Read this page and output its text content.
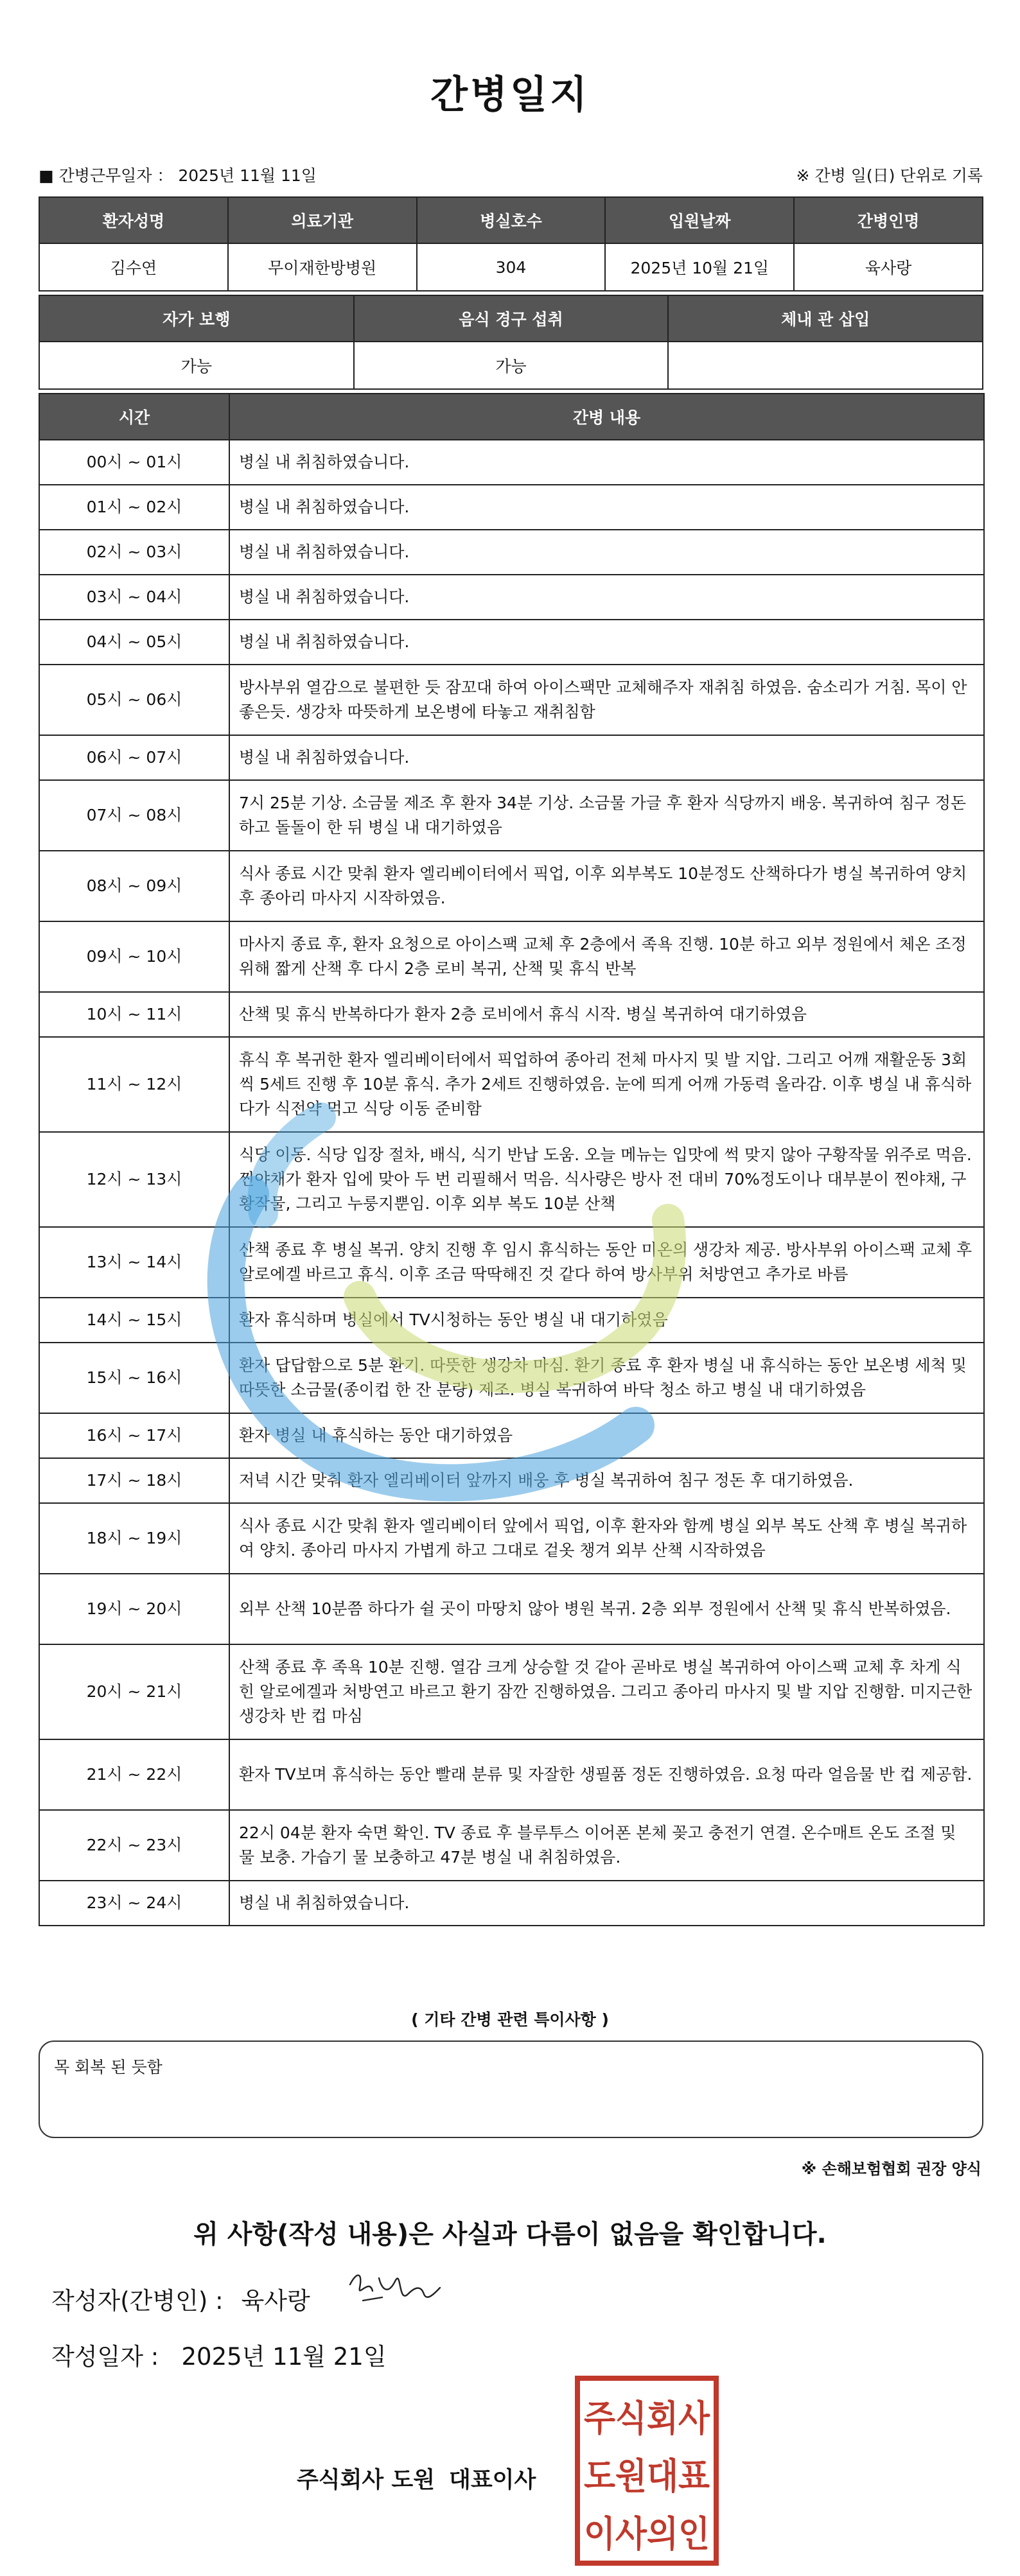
간병일지
■ 간병근무일자 ： 2025년 11월 11일	※ 간병 일(日) 단위로 기록
환자성명	의료기관	병실호수	입원날짜	간병인명
김수연	무이재한방병원	304	2025년 10월 21일	육사랑
자가 보행	음식 경구 섭취	체내 관 삽입
가능	가능	
시간	간병 내용
00시 ~ 01시	병실 내 취침하였습니다.
01시 ~ 02시	병실 내 취침하였습니다.
02시 ~ 03시	병실 내 취침하였습니다.
03시 ~ 04시	병실 내 취침하였습니다.
04시 ~ 05시	병실 내 취침하였습니다.
05시 ~ 06시	방사부위 열감으로 불편한 듯 잠꼬대 하여 아이스팩만 교체해주자 재취침 하였음. 숨소리가 거침. 목이 안좋은듯. 생강차 따뜻하게 보온병에 타놓고 재취침함
06시 ~ 07시	병실 내 취침하였습니다.
07시 ~ 08시	7시 25분 기상. 소금물 제조 후 환자 34분 기상. 소금물 가글 후 환자 식당까지 배웅. 복귀하여 침구 정돈하고 돌돌이 한 뒤 병실 내 대기하였음
08시 ~ 09시	식사 종료 시간 맞춰 환자 엘리베이터에서 픽업, 이후 외부복도 10분정도 산책하다가 병실 복귀하여 양치 후 종아리 마사지 시작하였음.
09시 ~ 10시	마사지 종료 후, 환자 요청으로 아이스팩 교체 후 2층에서 족욕 진행. 10분 하고 외부 정원에서 체온 조정 위해 짧게 산책 후 다시 2층 로비 복귀, 산책 및 휴식 반복
10시 ~ 11시	산책 및 휴식 반복하다가 환자 2층 로비에서 휴식 시작. 병실 복귀하여 대기하였음
11시 ~ 12시	휴식 후 복귀한 환자 엘리베이터에서 픽업하여 종아리 전체 마사지 및 발 지압. 그리고 어깨 재활운동 3회씩 5세트 진행 후 10분 휴식. 추가 2세트 진행하였음. 눈에 띄게 어깨 가동력 올라감. 이후 병실 내 휴식하다가 식전약 먹고 식당 이동 준비함
12시 ~ 13시	식당 이동. 식당 입장 절차, 배식, 식기 반납 도움. 오늘 메뉴는 입맛에 썩 맞지 않아 구황작물 위주로 먹음. 찐야채가 환자 입에 맞아 두 번 리필해서 먹음. 식사량은 방사 전 대비 70%정도이나 대부분이 찐야채, 구황작물, 그리고 누룽지뿐임. 이후 외부 복도 10분 산책
13시 ~ 14시	산책 종료 후 병실 복귀. 양치 진행 후 임시 휴식하는 동안 미온의 생강차 제공. 방사부위 아이스팩 교체 후 알로에겔 바르고 휴식. 이후 조금 딱딱해진 것 같다 하여 방사부위 처방연고 추가로 바름
14시 ~ 15시	환자 휴식하며 병실에서 TV시청하는 동안 병실 내 대기하였음
15시 ~ 16시	환자 답답함으로 5분 환기. 따뜻한 생강차 마심. 환기 종료 후 환자 병실 내 휴식하는 동안 보온병 세척 및 따뜻한 소금물(종이컵 한 잔 분량) 제조. 병실 복귀하여 바닥 청소 하고 병실 내 대기하였음
16시 ~ 17시	환자 병실 내 휴식하는 동안 대기하였음
17시 ~ 18시	저녁 시간 맞춰 환자 엘리베이터 앞까지 배웅 후 병실 복귀하여 침구 정돈 후 대기하였음.
18시 ~ 19시	식사 종료 시간 맞춰 환자 엘리베이터 앞에서 픽업, 이후 환자와 함께 병실 외부 복도 산책 후 병실 복귀하여 양치. 종아리 마사지 가볍게 하고 그대로 겉옷 챙겨 외부 산책 시작하였음
19시 ~ 20시	외부 산책 10분쯤 하다가 쉴 곳이 마땅치 않아 병원 복귀. 2층 외부 정원에서 산책 및 휴식 반복하였음.
20시 ~ 21시	산책 종료 후 족욕 10분 진행. 열감 크게 상승할 것 같아 곧바로 병실 복귀하여 아이스팩 교체 후 차게 식힌 알로에겔과 처방연고 바르고 환기 잠깐 진행하였음. 그리고 종아리 마사지 및 발 지압 진행함. 미지근한 생강차 반 컵 마심
21시 ~ 22시	환자 TV보며 휴식하는 동안 빨래 분류 및 자잘한 생필품 정돈 진행하였음. 요청 따라 얼음물 반 컵 제공함.
22시 ~ 23시	22시 04분 환자 숙면 확인. TV 종료 후 블루투스 이어폰 본체 꽂고 충전기 연결. 온수매트 온도 조절 및 물 보충. 가습기 물 보충하고 47분 병실 내 취침하였음.
23시 ~ 24시	병실 내 취침하였습니다.
( 기타 간병 관련 특이사항 )
목 회복 된 듯함
※ 손해보험협회 권장 양식
위 사항(작성 내용)은 사실과 다름이 없음을 확인합니다.
작성자(간병인) : 육사랑
작성일자 : 2025년 11월 21일
주식회사 도원 대표이사
주식회사
도원대표
이사의인
